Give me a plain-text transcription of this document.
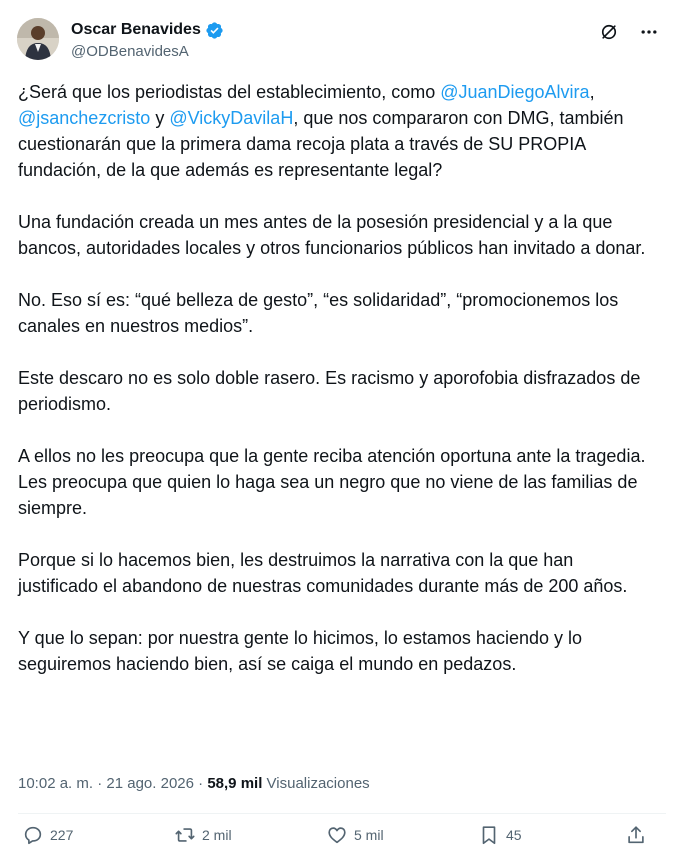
Oscar Benavides
@ODBenavidesA

¿Será que los periodistas del establecimiento, como @JuanDiegoAlvira, @jsanchezcristo y @VickyDavilaH, que nos compararon con DMG, también cuestionarán que la primera dama recoja plata a través de SU PROPIA fundación, de la que además es representante legal?

Una fundación creada un mes antes de la posesión presidencial y a la que bancos, autoridades locales y otros funcionarios públicos han invitado a donar.

No. Eso sí es: “qué belleza de gesto”, “es solidaridad”, “promocionemos los canales en nuestros medios”.

Este descaro no es solo doble rasero. Es racismo y aporofobia disfrazados de periodismo.

A ellos no les preocupa que la gente reciba atención oportuna ante la tragedia. Les preocupa que quien lo haga sea un negro que no viene de las familias de siempre.

Porque si lo hacemos bien, les destruimos la narrativa con la que han justificado el abandono de nuestras comunidades durante más de 200 años.

Y que lo sepan: por nuestra gente lo hicimos, lo estamos haciendo y lo seguiremos haciendo bien, así se caiga el mundo en pedazos.

10:02 a. m. · 21 ago. 2026 · 58,9 mil Visualizaciones
227	2 mil	5 mil	45
